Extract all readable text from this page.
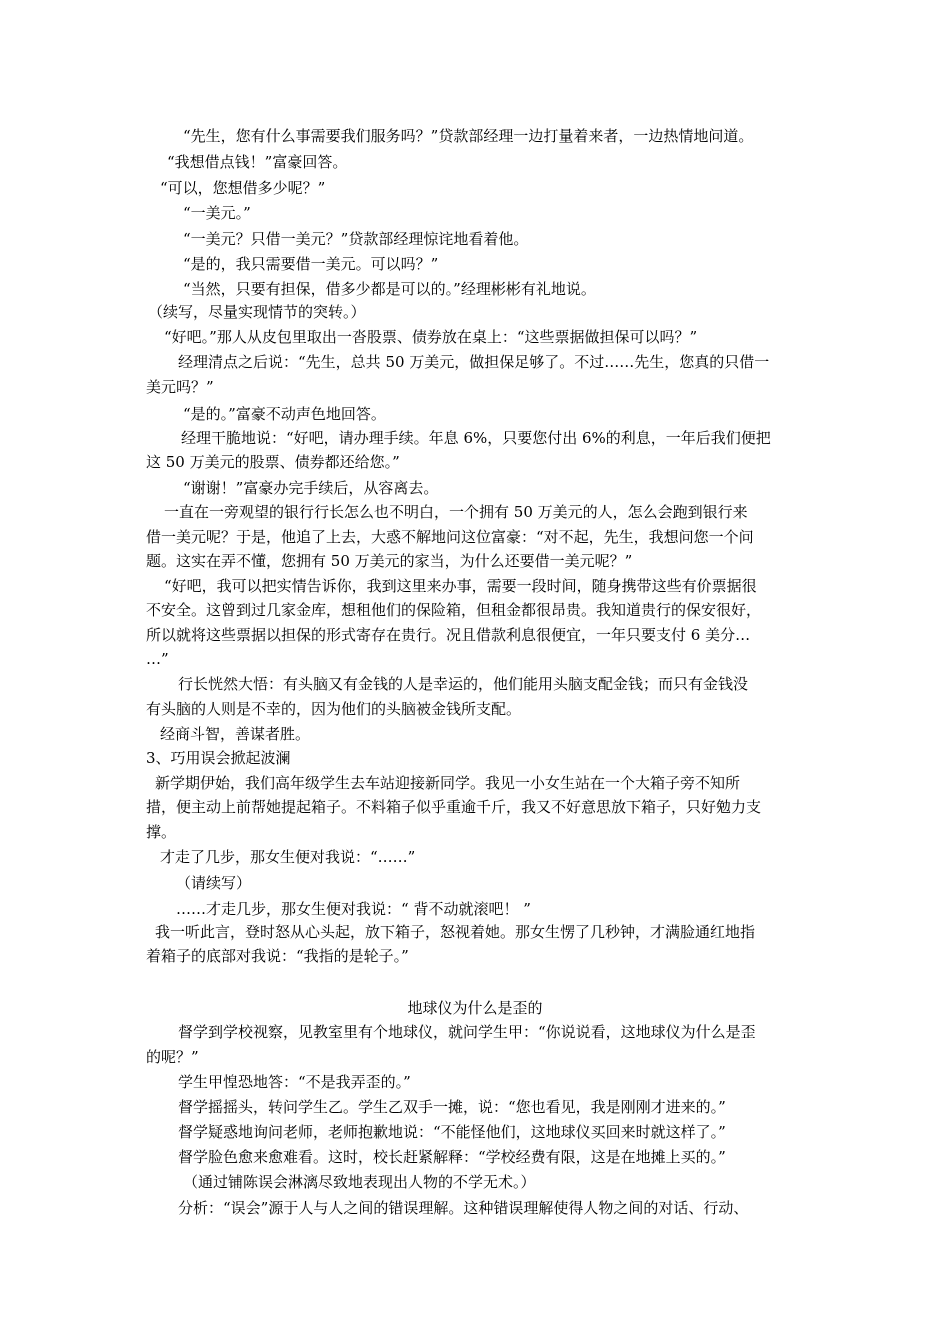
“先生，您有什么事需要我们服务吗？”贷款部经理一边打量着来者，一边热情地问道。
“我想借点钱！”富豪回答。
“可以，您想借多少呢？”
“一美元。”
“一美元？只借一美元？”贷款部经理惊诧地看着他。
“是的，我只需要借一美元。可以吗？”
“当然，只要有担保，借多少都是可以的。”经理彬彬有礼地说。
（续写，尽量实现情节的突转。）
“好吧。”那人从皮包里取出一沓股票、债券放在桌上：“这些票据做担保可以吗？”
经理清点之后说：“先生，总共 50 万美元，做担保足够了。不过……先生，您真的只借一
美元吗？”
“是的。”富豪不动声色地回答。
经理干脆地说：“好吧，请办理手续。年息 6%，只要您付出 6%的利息，一年后我们便把
这 50 万美元的股票、债券都还给您。”
“谢谢！”富豪办完手续后，从容离去。
一直在一旁观望的银行行长怎么也不明白，一个拥有 50 万美元的人，怎么会跑到银行来
借一美元呢？于是，他追了上去，大惑不解地问这位富豪：“对不起，先生，我想问您一个问
题。这实在弄不懂，您拥有 50 万美元的家当，为什么还要借一美元呢？”
“好吧，我可以把实情告诉你，我到这里来办事，需要一段时间，随身携带这些有价票据很
不安全。这曾到过几家金库，想租他们的保险箱，但租金都很昂贵。我知道贵行的保安很好，
所以就将这些票据以担保的形式寄存在贵行。况且借款利息很便宜，一年只要支付 6 美分…
…”
行长恍然大悟：有头脑又有金钱的人是幸运的，他们能用头脑支配金钱；而只有金钱没
有头脑的人则是不幸的，因为他们的头脑被金钱所支配。
经商斗智，善谋者胜。
3、巧用误会掀起波澜
新学期伊始，我们高年级学生去车站迎接新同学。我见一小女生站在一个大箱子旁不知所
措，便主动上前帮她提起箱子。不料箱子似乎重逾千斤，我又不好意思放下箱子，只好勉力支
撑。
才走了几步，那女生便对我说：“……”
（请续写）
……才走几步，那女生便对我说：“ 背不动就滚吧！ ”
我一听此言，登时怒从心头起，放下箱子，怒视着她。那女生愣了几秒钟，才满脸通红地指
着箱子的底部对我说：“我指的是轮子。”
地球仪为什么是歪的
督学到学校视察，见教室里有个地球仪，就问学生甲：“你说说看，这地球仪为什么是歪
的呢？”
学生甲惶恐地答：“不是我弄歪的。”
督学摇摇头，转问学生乙。学生乙双手一摊，说：“您也看见，我是刚刚才进来的。”
督学疑惑地询问老师，老师抱歉地说：“不能怪他们，这地球仪买回来时就这样了。”
督学脸色愈来愈难看。这时，校长赶紧解释：“学校经费有限，这是在地摊上买的。”
（通过铺陈误会淋漓尽致地表现出人物的不学无术。）
分析：“误会”源于人与人之间的错误理解。这种错误理解使得人物之间的对话、行动、
